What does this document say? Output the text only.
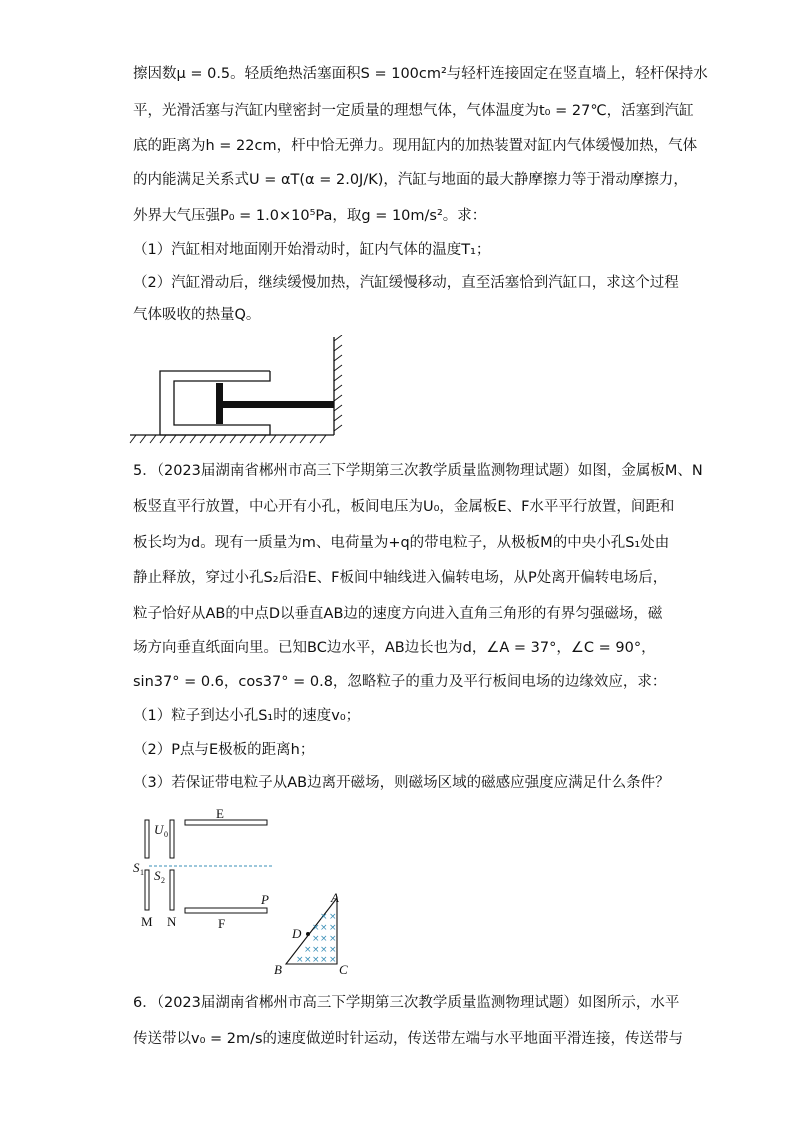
擦因数μ = 0.5。轻质绝热活塞面积S = 100cm²与轻杆连接固定在竖直墙上，轻杆保持水
平，光滑活塞与汽缸内壁密封一定质量的理想气体，气体温度为t₀ = 27℃，活塞到汽缸
底的距离为h = 22cm，杆中恰无弹力。现用缸内的加热装置对缸内气体缓慢加热，气体
的内能满足关系式U = αT(α = 2.0J/K)，汽缸与地面的最大静摩擦力等于滑动摩擦力，
外界大气压强P₀ = 1.0×10⁵Pa，取g = 10m/s²。求：
（1）汽缸相对地面刚开始滑动时，缸内气体的温度T₁；
（2）汽缸滑动后，继续缓慢加热，汽缸缓慢移动，直至活塞恰到汽缸口，求这个过程
气体吸收的热量Q。
5．（2023届湖南省郴州市高三下学期第三次教学质量监测物理试题）如图，金属板M、N
板竖直平行放置，中心开有小孔，板间电压为U₀，金属板E、F水平平行放置，间距和
板长均为d。现有一质量为m、电荷量为+q的带电粒子，从极板M的中央小孔S₁处由
静止释放，穿过小孔S₂后沿E、F板间中轴线进入偏转电场，从P处离开偏转电场后，
粒子恰好从AB的中点D以垂直AB边的速度方向进入直角三角形的有界匀强磁场，磁
场方向垂直纸面向里。已知BC边水平，AB边长也为d，∠A = 37°，∠C = 90°，
sin37° = 0.6，cos37° = 0.8，忽略粒子的重力及平行板间电场的边缘效应，求：
（1）粒子到达小孔S₁时的速度v₀；
（2）P点与E极板的距离h；
（3）若保证带电粒子从AB边离开磁场，则磁场区域的磁感应强度应满足什么条件？
× ×
× × ×
× × ×
× × × ×
× × × × ×
E
F
P
U 0
S 1 S 2
M N
A
B	C
D
6．（2023届湖南省郴州市高三下学期第三次教学质量监测物理试题）如图所示，水平
传送带以v₀ = 2m/s的速度做逆时针运动，传送带左端与水平地面平滑连接，传送带与
